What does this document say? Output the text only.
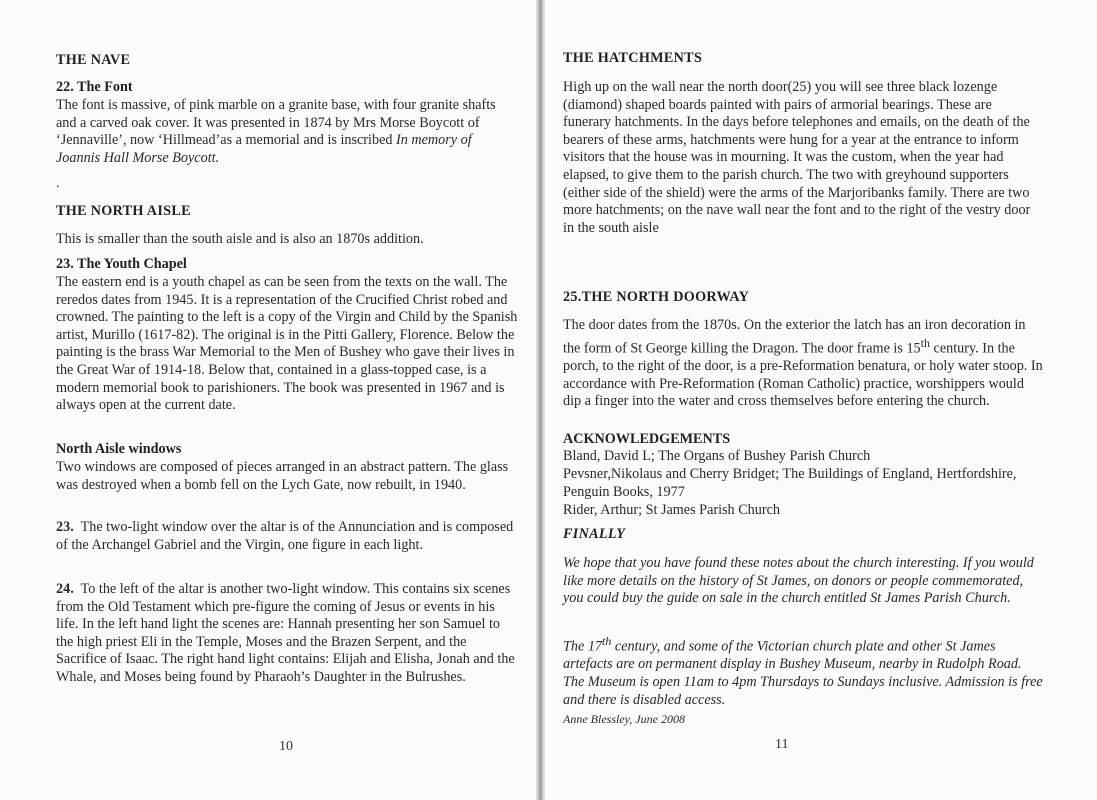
THE NAVE
22. The Font

The font is massive, of pink marble on a granite base, with four granite shafts and a carved oak cover. It was presented in 1874 by Mrs Morse Boycott of ‘Jennaville’, now ‘Hillmead’as a memorial and is inscribed In memory of Joannis Hall Morse Boycott.

.
THE NORTH AISLE

This is smaller than the south aisle and is also an 1870s addition.

23. The Youth Chapel

The eastern end is a youth chapel as can be seen from the texts on the wall. The reredos dates from 1945. It is a representation of the Crucified Christ robed and crowned. The painting to the left is a copy of the Virgin and Child by the Spanish artist, Murillo (1617-82). The original is in the Pitti Gallery, Florence. Below the painting is the brass War Memorial to the Men of Bushey who gave their lives in the Great War of 1914-18. Below that, contained in a glass-topped case, is a modern memorial book to parishioners. The book was presented in 1967 and is always open at the current date.

North Aisle windows

Two windows are composed of pieces arranged in an abstract pattern. The glass was destroyed when a bomb fell on the Lych Gate, now rebuilt, in 1940.

23. The two-light window over the altar is of the Annunciation and is composed of the Archangel Gabriel and the Virgin, one figure in each light.

24. To the left of the altar is another two-light window. This contains six scenes from the Old Testament which pre-figure the coming of Jesus or events in his life. In the left hand light the scenes are: Hannah presenting her son Samuel to the high priest Eli in the Temple, Moses and the Brazen Serpent, and the Sacrifice of Isaac. The right hand light contains: Elijah and Elisha, Jonah and the Whale, and Moses being found by Pharaoh’s Daughter in the Bulrushes.

10
THE HATCHMENTS

High up on the wall near the north door(25) you will see three black lozenge (diamond) shaped boards painted with pairs of armorial bearings. These are funerary hatchments. In the days before telephones and emails, on the death of the bearers of these arms, hatchments were hung for a year at the entrance to inform visitors that the house was in mourning. It was the custom, when the year had elapsed, to give them to the parish church. The two with greyhound supporters (either side of the shield) were the arms of the Marjoribanks family. There are two more hatchments; on the nave wall near the font and to the right of the vestry door in the south aisle

25.THE NORTH DOORWAY

The door dates from the 1870s. On the exterior the latch has an iron decoration in the form of St George killing the Dragon. The door frame is 15th century. In the porch, to the right of the door, is a pre-Reformation benatura, or holy water stoop. In accordance with Pre-Reformation (Roman Catholic) practice, worshippers would dip a finger into the water and cross themselves before entering the church.

ACKNOWLEDGEMENTS

Bland, David L; The Organs of Bushey Parish Church

Pevsner,Nikolaus and Cherry Bridget; The Buildings of England, Hertfordshire, Penguin Books, 1977

Rider, Arthur; St James Parish Church

FINALLY

We hope that you have found these notes about the church interesting. If you would like more details on the history of St James, on donors or people commemorated, you could buy the guide on sale in the church entitled St James Parish Church.

The 17th century, and some of the Victorian church plate and other St James artefacts are on permanent display in Bushey Museum, nearby in Rudolph Road. The Museum is open 11am to 4pm Thursdays to Sundays inclusive. Admission is free and there is disabled access.

Anne Blessley, June 2008

11
